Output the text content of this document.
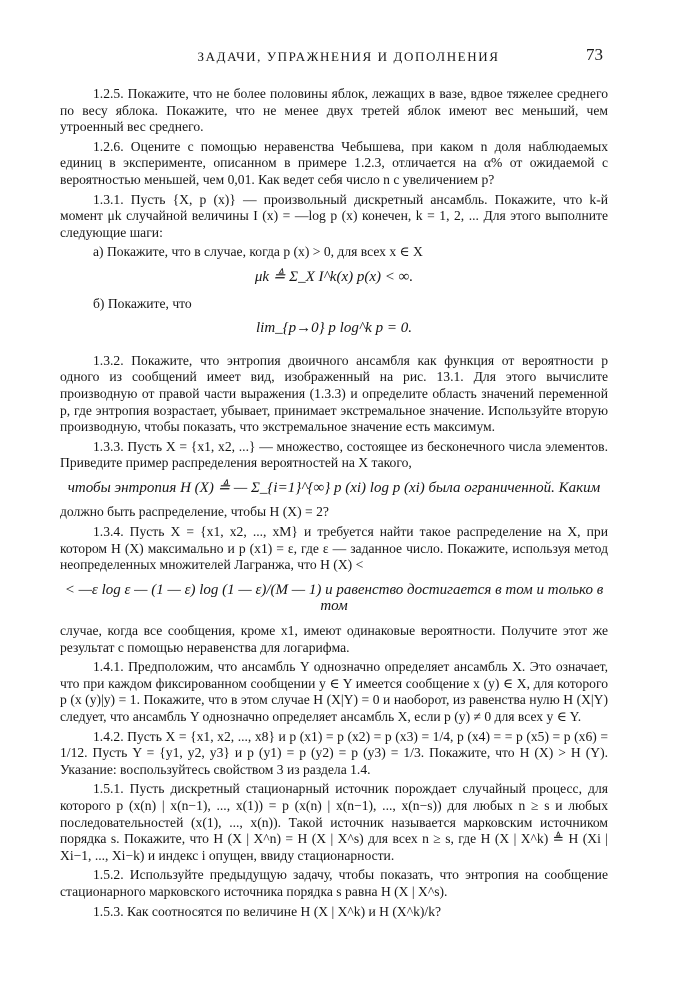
ЗАДАЧИ, УПРАЖНЕНИЯ И ДОПОЛНЕНИЯ	73

1.2.5. Покажите, что не более половины яблок, лежащих в вазе, вдвое тяжелее среднего по весу яблока. Покажите, что не менее двух третей яблок имеют вес меньший, чем утроенный вес среднего.

1.2.6. Оцените с помощью неравенства Чебышева, при каком n доля наблюдаемых единиц в эксперименте, описанном в примере 1.2.3, отличается на α% от ожидаемой с вероятностью меньшей, чем 0,01. Как ведет себя число n с увеличением p?

1.3.1. Пусть {X, p (x)} — произвольный дискретный ансамбль. Покажите, что k-й момент μk случайной величины I (x) = —log p (x) конечен, k = 1, 2, ... Для этого выполните следующие шаги:

а) Покажите, что в случае, когда p (x) > 0, для всех x ∈ X

μk ≜ Σ_X I^k(x) p(x) < ∞.

б) Покажите, что

lim_{p→0} p log^k p = 0.

1.3.2. Покажите, что энтропия двоичного ансамбля как функция от вероятности p одного из сообщений имеет вид, изображенный на рис. 13.1. Для этого вычислите производную от правой части выражения (1.3.3) и определите область значений переменной p, где энтропия возрастает, убывает, принимает экстремальное значение. Используйте вторую производную, чтобы показать, что экстремальное значение есть максимум.

1.3.3. Пусть X = {x1, x2, ...} — множество, состоящее из бесконечного числа элементов. Приведите пример распределения вероятностей на X такого,

чтобы энтропия H (X) ≜ — Σ_{i=1}^{∞} p (xi) log p (xi) была ограниченной. Каким

должно быть распределение, чтобы H (X) = 2?

1.3.4. Пусть X = {x1, x2, ..., xM} и требуется найти такое распределение на X, при котором H (X) максимально и p (x1) = ε, где ε — заданное число. Покажите, используя метод неопределенных множителей Лагранжа, что H (X) <

< —ε log ε — (1 — ε) log (1 — ε)/(M — 1) и равенство достигается в том и только в том

случае, когда все сообщения, кроме x1, имеют одинаковые вероятности. Получите этот же результат с помощью неравенства для логарифма.

1.4.1. Предположим, что ансамбль Y однозначно определяет ансамбль X. Это означает, что при каждом фиксированном сообщении y ∈ Y имеется сообщение x (y) ∈ X, для которого p (x (y)|y) = 1. Покажите, что в этом случае H (X|Y) = 0 и наоборот, из равенства нулю H (X|Y) следует, что ансамбль Y однозначно определяет ансамбль X, если p (y) ≠ 0 для всех y ∈ Y.

1.4.2. Пусть X = {x1, x2, ..., x8} и p (x1) = p (x2) = p (x3) = 1/4, p (x4) = = p (x5) = p (x6) = 1/12. Пусть Y = {y1, y2, y3} и p (y1) = p (y2) = p (y3) = 1/3. Покажите, что H (X) > H (Y). Указание: воспользуйтесь свойством 3 из раздела 1.4.

1.5.1. Пусть дискретный стационарный источник порождает случайный процесс, для которого p (x(n) | x(n−1), ..., x(1)) = p (x(n) | x(n−1), ..., x(n−s)) для любых n ≥ s и любых последовательностей (x(1), ..., x(n)). Такой источник называется марковским источником порядка s. Покажите, что H (X | X^n) = H (X | X^s) для всех n ≥ s, где H (X | X^k) ≜ H (Xi | Xi−1, ..., Xi−k) и индекс i опущен, ввиду стационарности.

1.5.2. Используйте предыдущую задачу, чтобы показать, что энтропия на сообщение стационарного марковского источника порядка s равна H (X | X^s).

1.5.3. Как соотносятся по величине H (X | X^k) и H (X^k)/k?
